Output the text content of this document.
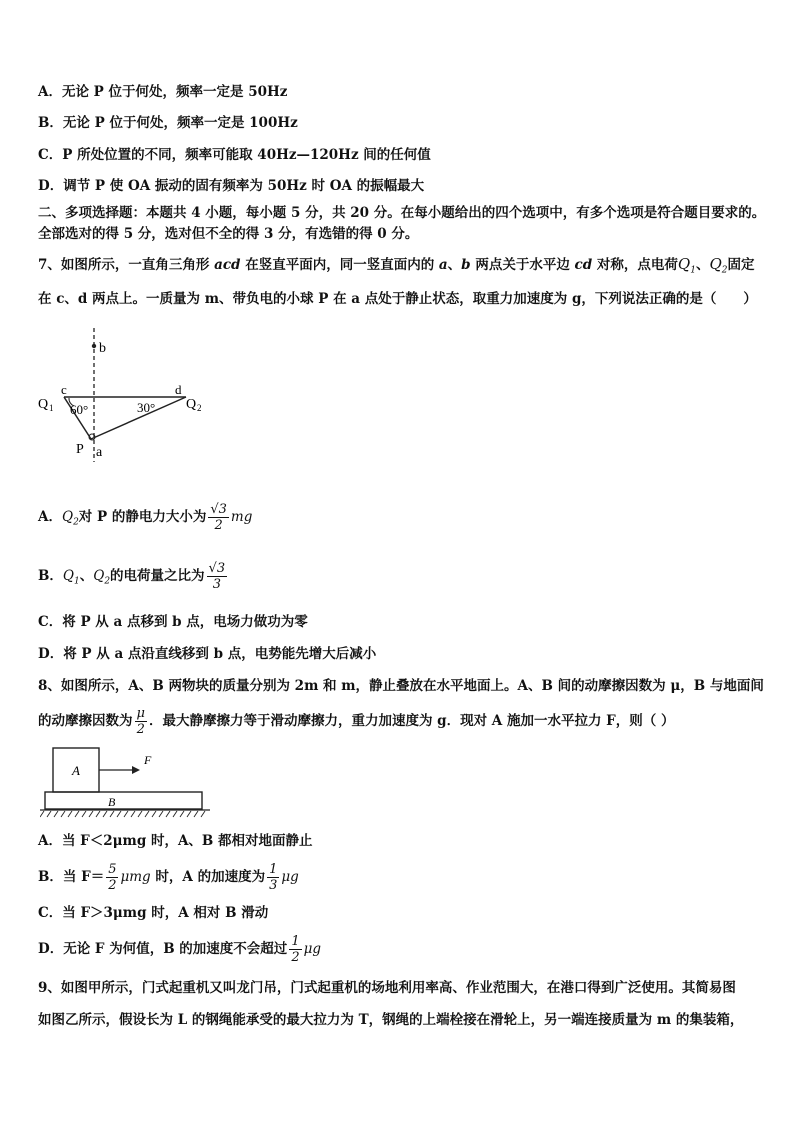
A．无论 P 位于何处，频率一定是 50Hz
B．无论 P 位于何处，频率一定是 100Hz
C．P 所处位置的不同，频率可能取 40Hz—120Hz 间的任何值
D．调节 P 使 OA 振动的固有频率为 50Hz 时 OA 的振幅最大
二、多项选择题：本题共 4 小题，每小题 5 分，共 20 分。在每小题给出的四个选项中，有多个选项是符合题目要求的。
全部选对的得 5 分，选对但不全的得 3 分，有选错的得 0 分。
7、如图所示，一直角三角形 acd 在竖直平面内，同一竖直面内的 a、b 两点关于水平边 cd 对称，点电荷$Q_1$、$Q_2$固定
在 c、d 两点上。一质量为 m、带负电的小球 P 在 a 点处于静止状态，取重力加速度为 g，下列说法正确的是（　　）
b
c	d
Q 1	Q 2
60°	30°
P a
A．$Q_2$对 P 的静电力大小为 $\frac{√3}{2}$ mg
B．$Q_1$、$Q_2$的电荷量之比为 $\frac{√3}{3}$
C．将 P 从 a 点移到 b 点，电场力做功为零
D．将 P 从 a 点沿直线移到 b 点，电势能先增大后减小
8、如图所示，A、B 两物块的质量分别为 2m 和 m，静止叠放在水平地面上。A、B 间的动摩擦因数为 μ，B 与地面间
的动摩擦因数为 $\frac{\mu}{2}$ ．最大静摩擦力等于滑动摩擦力，重力加速度为 g．现对 A 施加一水平拉力 F，则（ ）
A
F
B
A．当 F＜2μmg 时，A、B 都相对地面静止
B．当 $F= \frac{5}{2}$ μmg 时，A 的加速度为 $\frac{1}{3}$ μg
C．当 F＞3μmg 时，A 相对 B 滑动
D．无论 F 为何值，B 的加速度不会超过 $\frac{1}{2}$ μg
9、如图甲所示，门式起重机又叫龙门吊，门式起重机的场地利用率高、作业范围大，在港口得到广泛使用。其简易图
如图乙所示，假设长为 L 的钢绳能承受的最大拉力为 T，钢绳的上端栓接在滑轮上，另一端连接质量为 m 的集装箱，
